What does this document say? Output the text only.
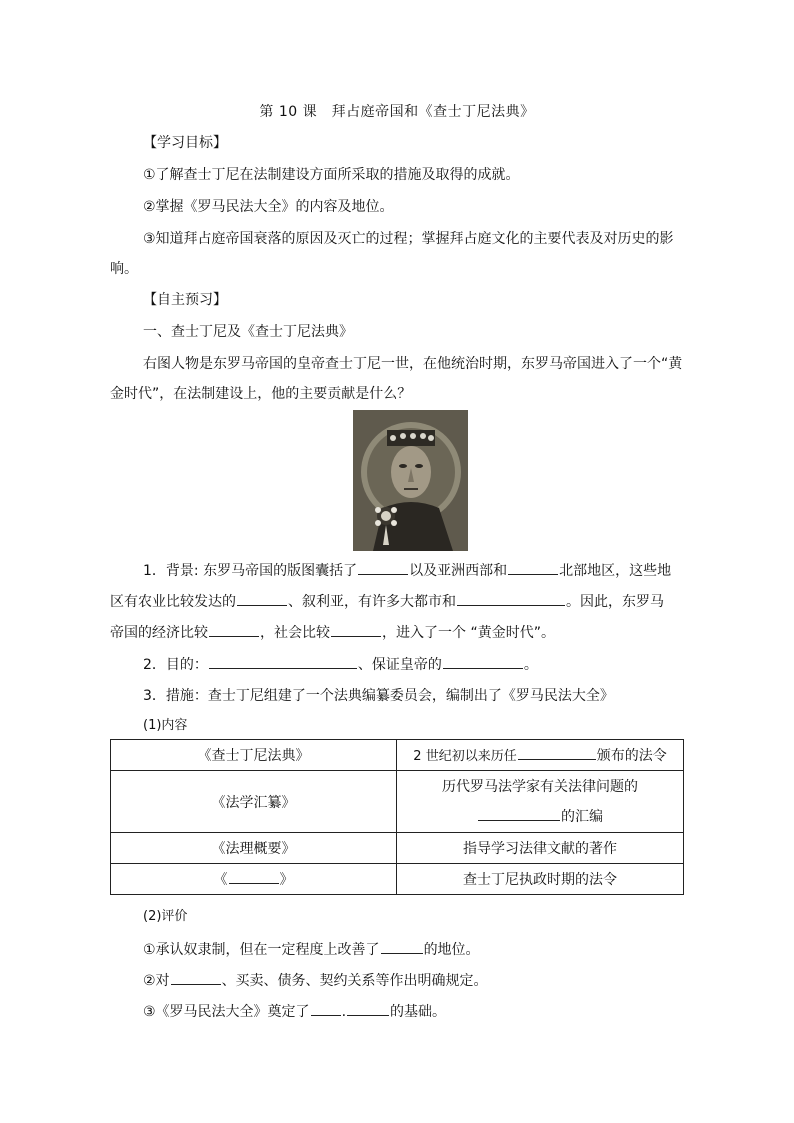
第 10 课　拜占庭帝国和《查士丁尼法典》
【学习目标】
①了解查士丁尼在法制建设方面所采取的措施及取得的成就。
②掌握《罗马民法大全》的内容及地位。
③知道拜占庭帝国衰落的原因及灭亡的过程；掌握拜占庭文化的主要代表及对历史的影
响。
【自主预习】
一、查士丁尼及《查士丁尼法典》
右图人物是东罗马帝国的皇帝查士丁尼一世，在他统治时期，东罗马帝国进入了一个“黄
金时代”，在法制建设上，他的主要贡献是什么？
1．背景: 东罗马帝国的版图囊括了	以及亚洲西部和	北部地区，这些地
区有农业比较发达的	、叙利亚，有许多大都市和	。因此，东罗马
帝国的经济比较	，社会比较	，进入了一个 “黄金时代”。
2．目的：	、保证皇帝的	。
3．措施：查士丁尼组建了一个法典编纂委员会，编制出了《罗马民法大全》
(1)内容
《查士丁尼法典》	2 世纪初以来历任 颁布的法令
《法学汇纂》	历代罗马法学家有关法律问题的
的汇编

《法理概要》	指导学习法律文献的著作
《 》	查士丁尼执政时期的法令
(2)评价
①承认奴隶制，但在一定程度上改善了	的地位。
②对	、买卖、债务、契约关系等作出明确规定。
③《罗马民法大全》奠定了 .	的基础。
